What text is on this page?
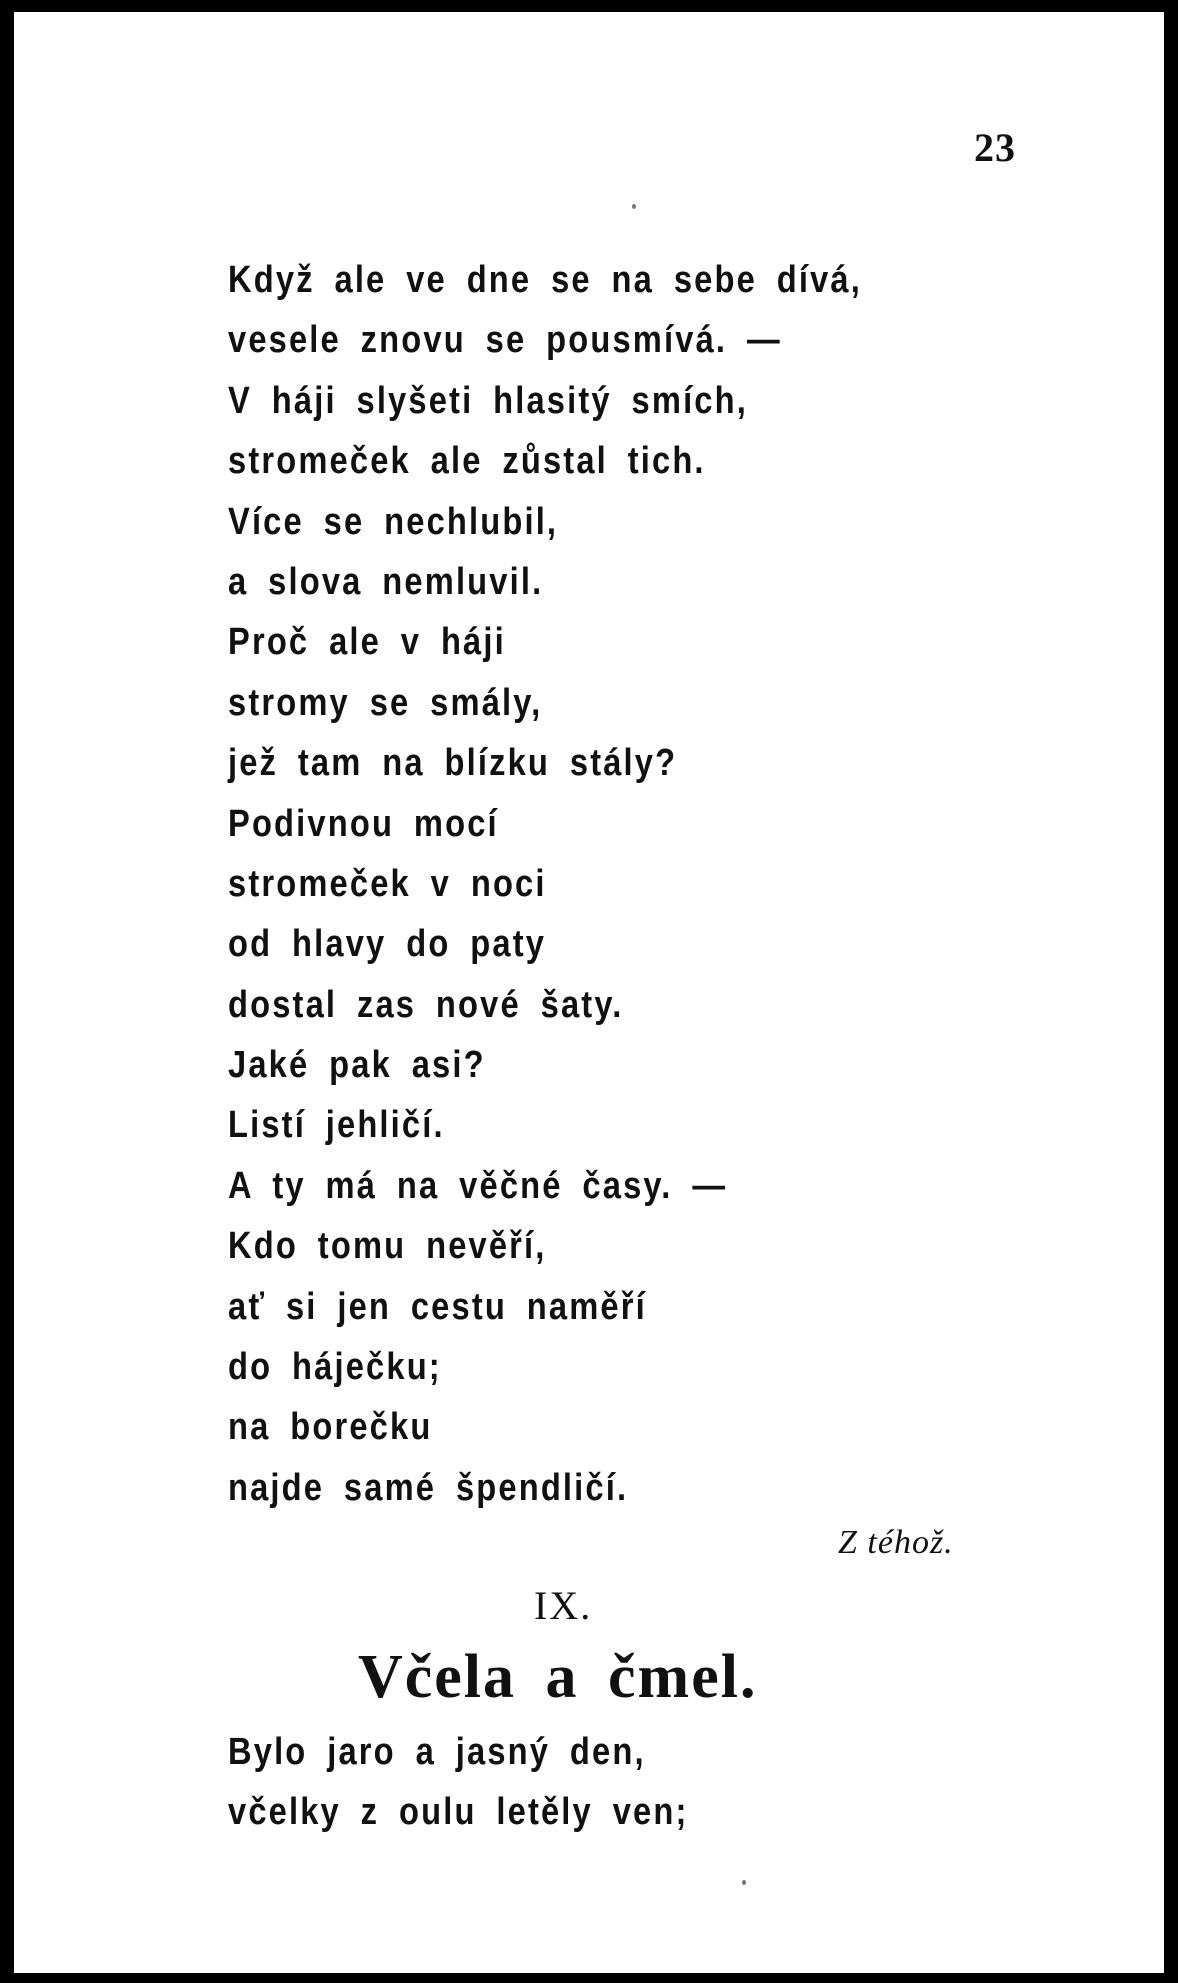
23
Když ale ve dne se na sebe dívá,
vesele znovu se pousmívá. —
V háji slyšeti hlasitý smích,
stromeček ale zůstal tich.
Více se nechlubil,
a slova nemluvil.
Proč ale v háji
stromy se smály,
jež tam na blízku stály?
Podivnou mocí
stromeček v noci
od hlavy do paty
dostal zas nové šaty.
Jaké pak asi?
Listí jehličí.
A ty má na věčné časy. —
Kdo tomu nevěří,
ať si jen cestu naměří
do háječku;
na borečku
najde samé špendličí.
Z téhož.
IX.
Včela a čmel.
Bylo jaro a jasný den,
včelky z oulu letěly ven;
